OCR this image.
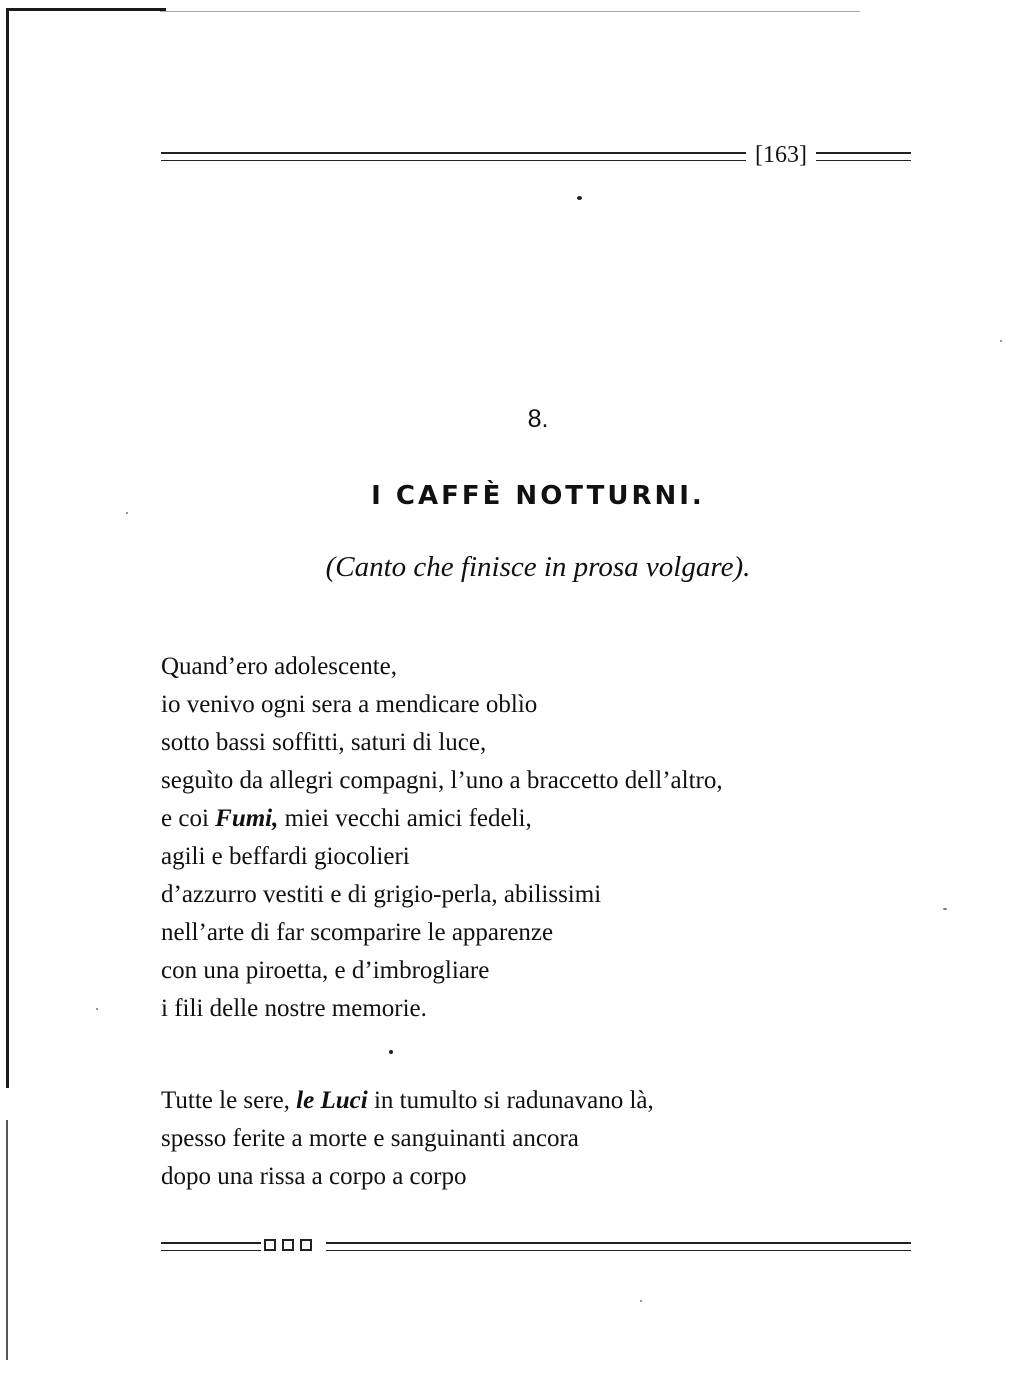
[163]
8.
I CAFFÈ NOTTURNI.
(Canto che finisce in prosa volgare).
Quand’ero adolescente,
io venivo ogni sera a mendicare oblìo
sotto bassi soffitti, saturi di luce,
seguìto da allegri compagni, l’uno a braccetto dell’altro,
e coi Fumi, miei vecchi amici fedeli,
agili e beffardi giocolieri
d’azzurro vestiti e di grigio-perla, abilissimi
nell’arte di far scomparire le apparenze
con una piroetta, e d’imbrogliare
i fili delle nostre memorie.
Tutte le sere, le Luci in tumulto si radunavano là,
spesso ferite a morte e sanguinanti ancora
dopo una rissa a corpo a corpo
